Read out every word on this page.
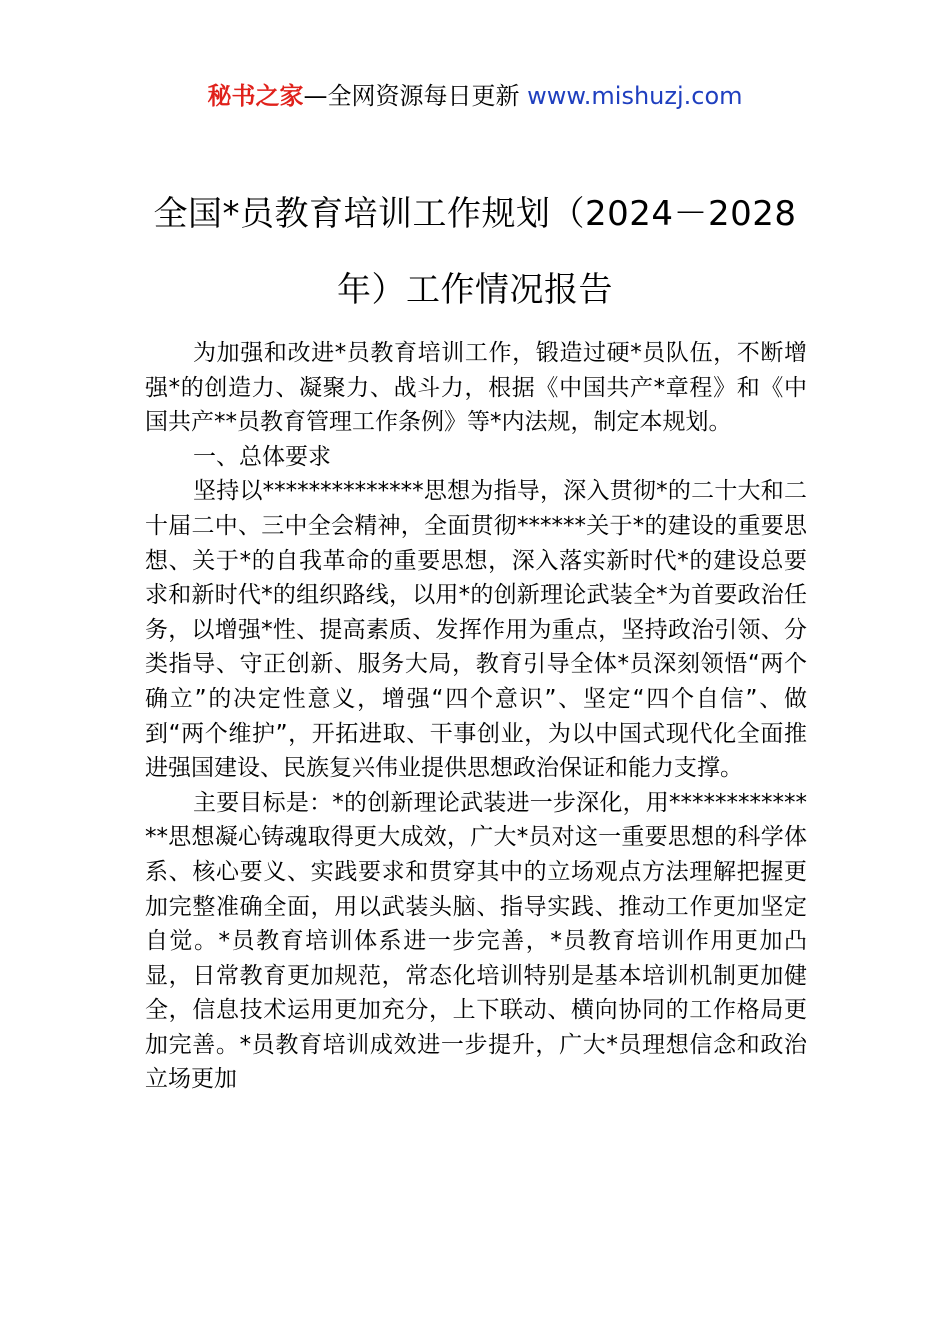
秘书之家—全网资源每日更新 www.mishuzj.com
全国*员教育培训工作规划（2024－2028年）工作情况报告

为加强和改进*员教育培训工作，锻造过硬*员队伍，不断增强*的创造力、凝聚力、战斗力，根据《中国共产*章程》和《中国共产**员教育管理工作条例》等*内法规，制定本规划。

一、总体要求

坚持以**************思想为指导，深入贯彻*的二十大和二十届二中、三中全会精神，全面贯彻******关于*的建设的重要思想、关于*的自我革命的重要思想，深入落实新时代*的建设总要求和新时代*的组织路线，以用*的创新理论武装全*为首要政治任务，以增强*性、提高素质、发挥作用为重点，坚持政治引领、分类指导、守正创新、服务大局，教育引导全体*员深刻领悟“两个确立”的决定性意义，增强“四个意识”、坚定“四个自信”、做到“两个维护”，开拓进取、干事创业，为以中国式现代化全面推进强国建设、民族复兴伟业提供思想政治保证和能力支撑。

主要目标是：*的创新理论武装进一步深化，用**************思想凝心铸魂取得更大成效，广大*员对这一重要思想的科学体系、核心要义、实践要求和贯穿其中的立场观点方法理解把握更加完整准确全面，用以武装头脑、指导实践、推动工作更加坚定自觉。*员教育培训体系进一步完善，*员教育培训作用更加凸显，日常教育更加规范，常态化培训特别是基本培训机制更加健全，信息技术运用更加充分，上下联动、横向协同的工作格局更加完善。*员教育培训成效进一步提升，广大*员理想信念和政治立场更加
